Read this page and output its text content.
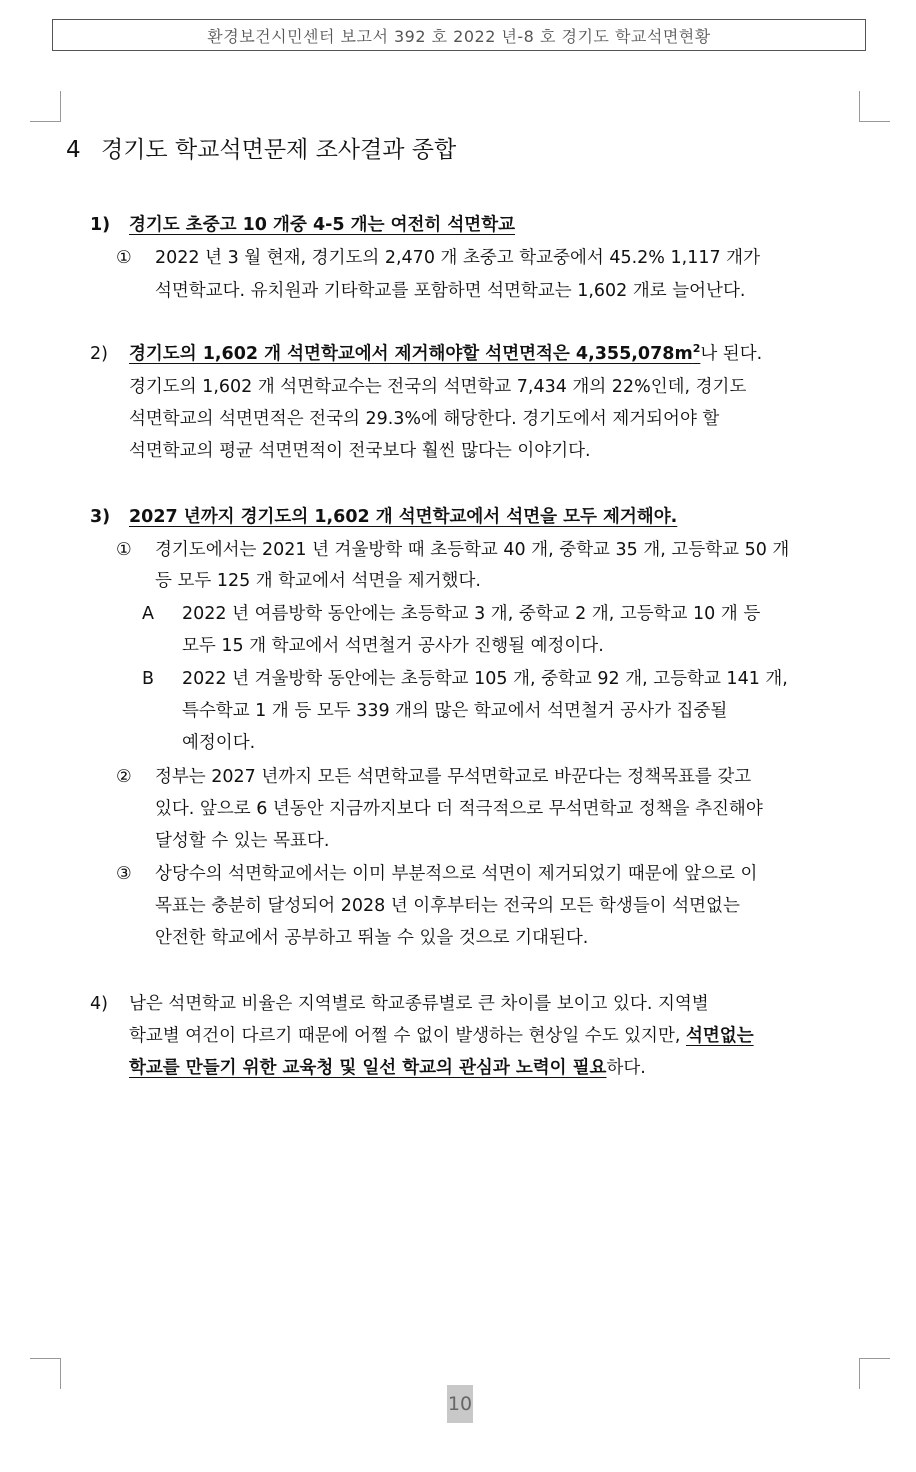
환경보건시민센터 보고서 392 호 2022 년-8 호 경기도 학교석면현황
4 경기도 학교석면문제 조사결과 종합
1) 경기도 초중고 10 개중 4-5 개는 여전히 석면학교
① 2022 년 3 월 현재, 경기도의 2,470 개 초중고 학교중에서 45.2% 1,117 개가
석면학교다. 유치원과 기타학교를 포함하면 석면학교는 1,602 개로 늘어난다.
2) 경기도의 1,602 개 석면학교에서 제거해야할 석면면적은 $4,355,078m^2$나 된다.
경기도의 1,602 개 석면학교수는 전국의 석면학교 7,434 개의 22%인데, 경기도
석면학교의 석면면적은 전국의 29.3%에 해당한다. 경기도에서 제거되어야 할
석면학교의 평균 석면면적이 전국보다 훨씬 많다는 이야기다.
3) 2027 년까지 경기도의 1,602 개 석면학교에서 석면을 모두 제거해야.
① 경기도에서는 2021 년 겨울방학 때 초등학교 40 개, 중학교 35 개, 고등학교 50 개
등 모두 125 개 학교에서 석면을 제거했다.
A 2022 년 여름방학 동안에는 초등학교 3 개, 중학교 2 개, 고등학교 10 개 등
모두 15 개 학교에서 석면철거 공사가 진행될 예정이다.
B 2022 년 겨울방학 동안에는 초등학교 105 개, 중학교 92 개, 고등학교 141 개,
특수학교 1 개 등 모두 339 개의 많은 학교에서 석면철거 공사가 집중될
예정이다.
② 정부는 2027 년까지 모든 석면학교를 무석면학교로 바꾼다는 정책목표를 갖고
있다. 앞으로 6 년동안 지금까지보다 더 적극적으로 무석면학교 정책을 추진해야
달성할 수 있는 목표다.
③ 상당수의 석면학교에서는 이미 부분적으로 석면이 제거되었기 때문에 앞으로 이
목표는 충분히 달성되어 2028 년 이후부터는 전국의 모든 학생들이 석면없는
안전한 학교에서 공부하고 뛰놀 수 있을 것으로 기대된다.
4) 남은 석면학교 비율은 지역별로 학교종류별로 큰 차이를 보이고 있다. 지역별
학교별 여건이 다르기 때문에 어쩔 수 없이 발생하는 현상일 수도 있지만, 석면없는
학교를 만들기 위한 교육청 및 일선 학교의 관심과 노력이 필요하다.
10
